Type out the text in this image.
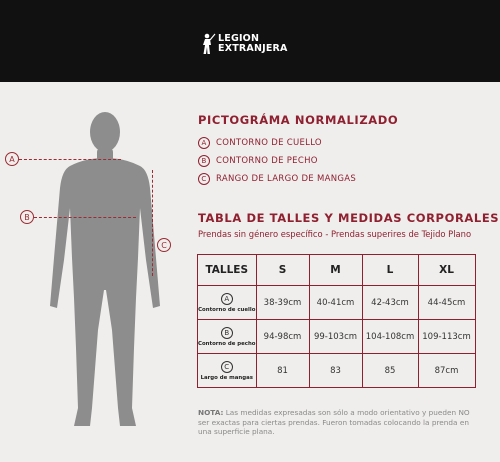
LEGION
EXTRANJERA
A
B
C
PICTOGRÁMA NORMALIZADO
A	CONTORNO DE CUELLO
B	CONTORNO DE PECHO
C	RANGO DE LARGO DE MANGAS
TABLA DE TALLES Y MEDIDAS CORPORALES
Prendas sin género específico - Prendas superires de Tejido Plano
TALLES	S	M	L	XL

A
Contorno de cuello	38-39cm	40-41cm	42-43cm	44-45cm

B
Contorno de pecho	94-98cm	99-103cm	104-108cm	109-113cm

C
Largo de mangas	81	83	85	87cm
NOTA: Las medidas expresadas son sólo a modo orientativo y pueden NO ser exactas para ciertas prendas. Fueron tomadas colocando la prenda en una superficie plana.
